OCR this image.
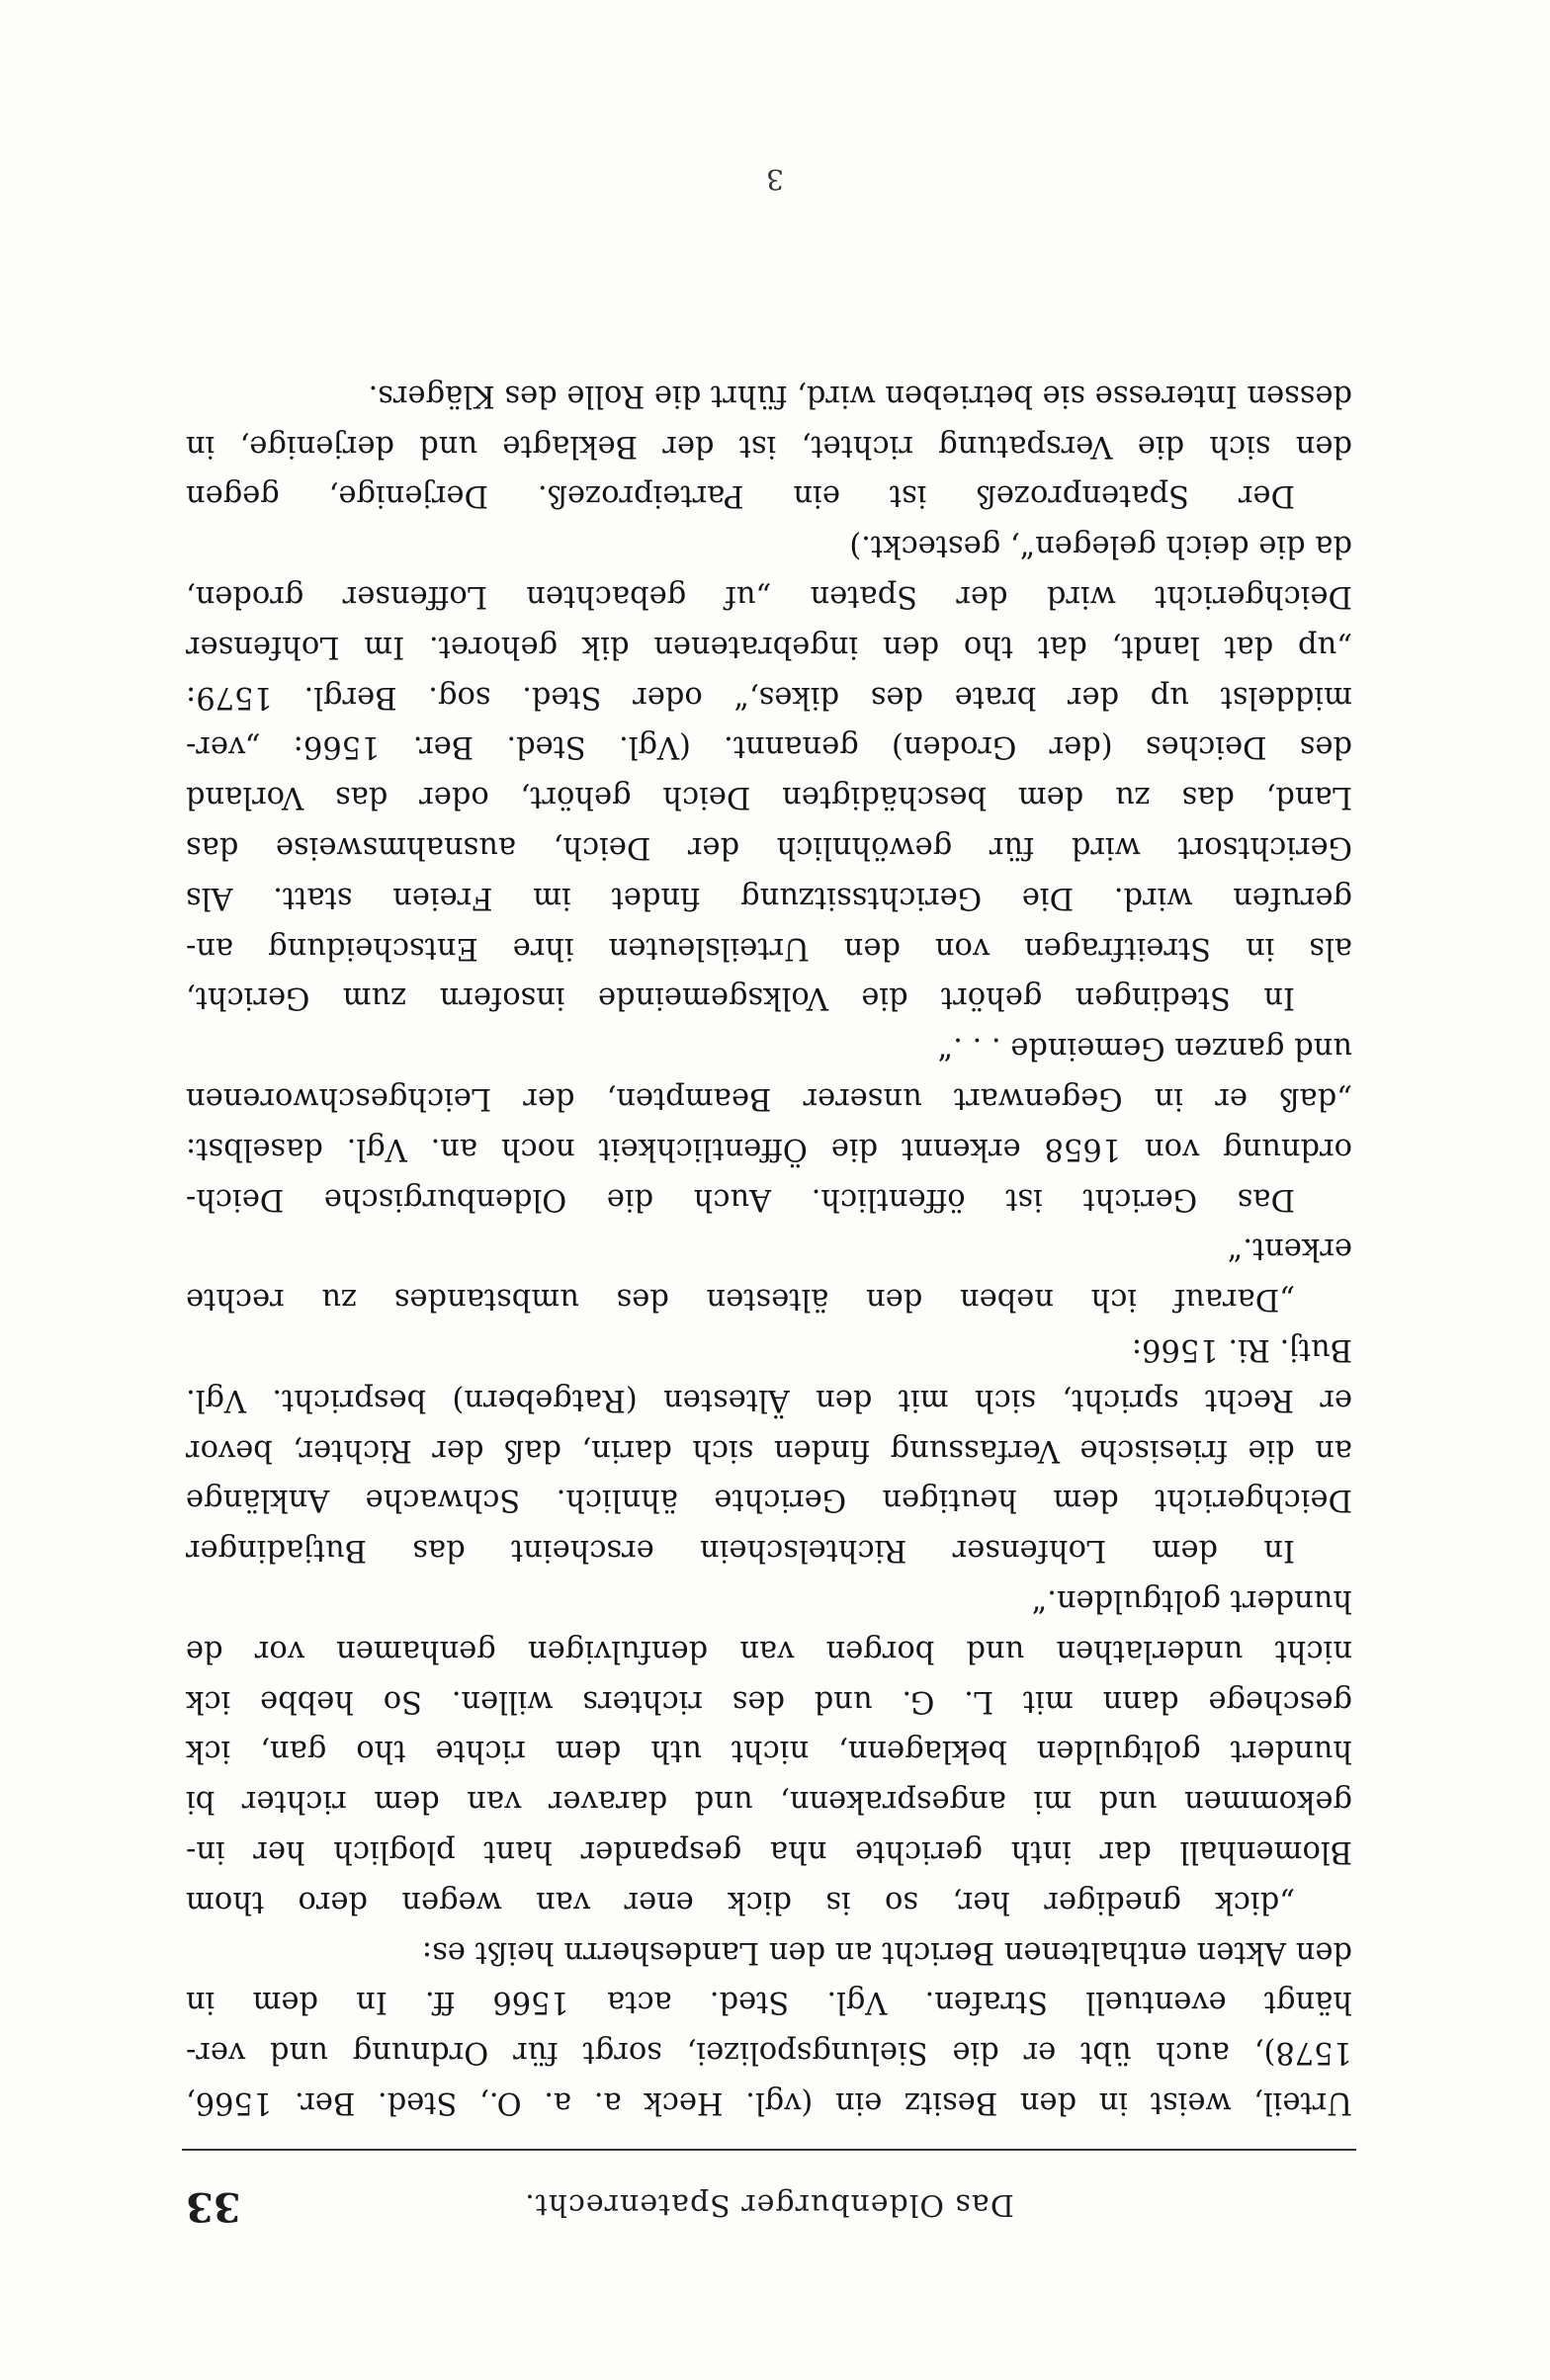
Das Oldenburger Spatenrecht.
33

Urteil, weist in den Besitz ein (vgl. Heck a. a. O., Sted. Ber. 1566,
1578), auch übt er die Sielungspolizei, sorgt für Ordnung und ver-
hängt eventuell Strafen. Vgl. Sted. acta 1566 ff. In dem in
den Akten enthaltenen Bericht an den Landesherrn heißt es:

„dick gnediger her, so is dick ener van wegen dero thom
Blomenhall dar inth gerichte nha gespander hant ploglich her in-
gekommen und mi angesprakenn, und daraver van dem richter bi
hundert goltgulden beklagenn, nicht uth dem richte tho gan, ick
geschege dann mit L. G. und des richters willen. So hebbe ick
nicht underlathen und borgen van denfulvigen genhamen vor de
hundert goltgulden.“

In dem Lohfenser Richtelschein erscheint das Butjadinger
Deichgericht dem heutigen Gerichte ähnlich. Schwache Anklänge
an die friesische Verfassung finden sich darin, daß der Richter, bevor
er Recht spricht, sich mit den Ältesten (Ratgebern) bespricht. Vgl.
Butj. Ri. 1566:

„Darauf ich neben den ältesten des umbstandes zu rechte
erkent.“

Das Gericht ist öffentlich. Auch die Oldenburgische Deich-
ordnung von 1658 erkennt die Öffentlichkeit noch an. Vgl. daselbst:
„daß er in Gegenwart unserer Beampten, der Leichgeschworenen
und ganzen Gemeinde . . .“

In Stedingen gehört die Volksgemeinde insofern zum Gericht,
als in Streitfragen von den Urteilsleuten ihre Entscheidung an-
gerufen wird. Die Gerichtssitzung findet im Freien statt. Als
Gerichtsort wird für gewöhnlich der Deich, ausnahmsweise das
Land, das zu dem beschädigten Deich gehört, oder das Vorland
des Deiches (der Groden) genannt. (Vgl. Sted. Ber. 1566: „ver-
middelst up der brate des dikes,“ oder Sted. sog. Bergl. 1579:
„up dat landt, dat tho den ingebratenen dik gehoret. Im Lohfenser
Deichgericht wird der Spaten „uf gebachten Loffenser groden,
da die deich gelegen“, gesteckt.)

Der Spatenprozeß ist ein Parteiprozeß. Derjenige, gegen
den sich die Verspatung richtet, ist der Beklagte und derjenige, in
dessen Interesse sie betrieben wird, führt die Rolle des Klägers.

3
